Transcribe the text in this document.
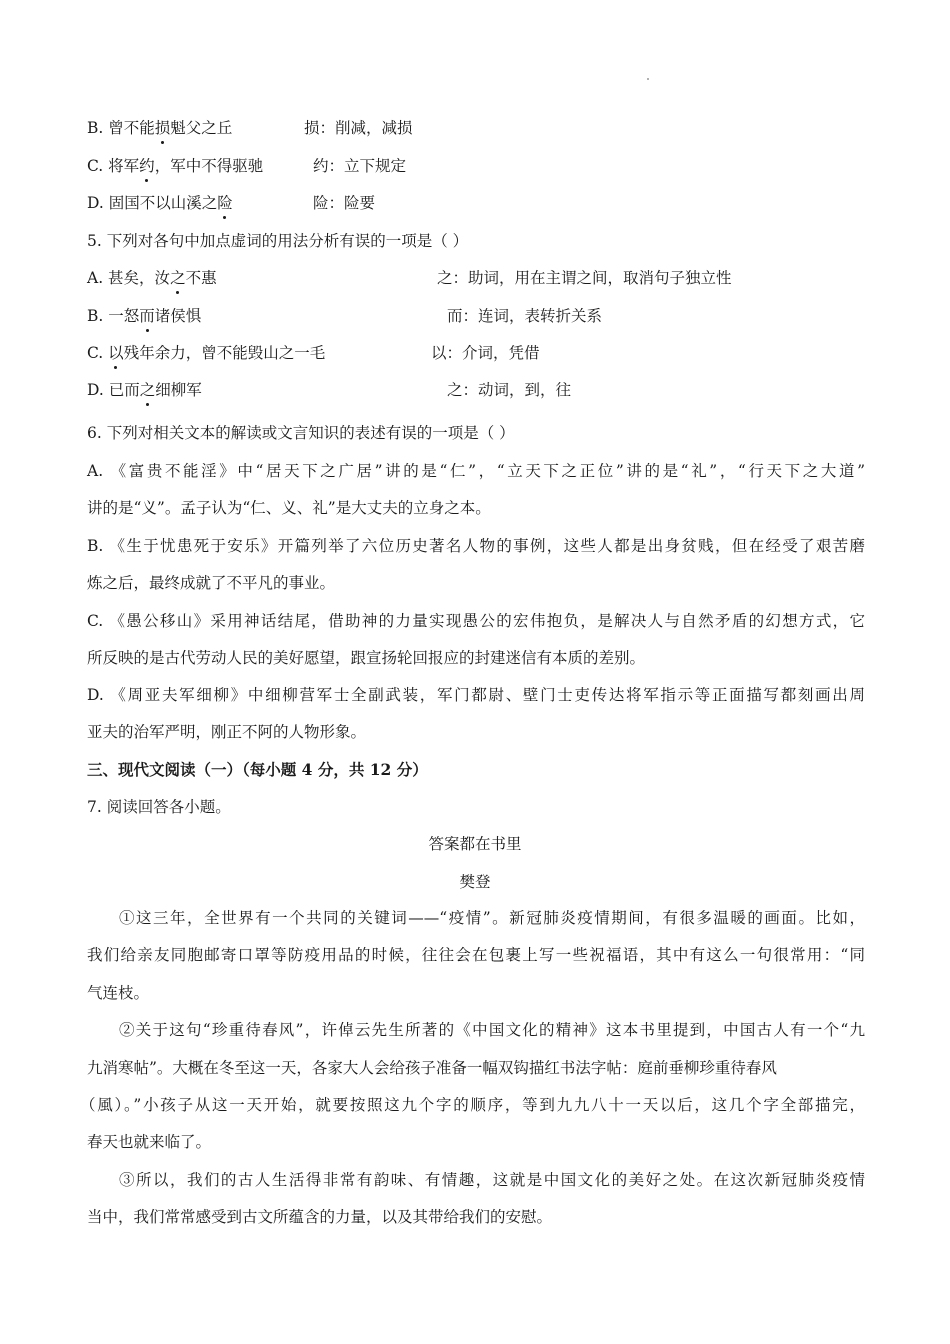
B. 曾不能损魁父之丘	损：削减，减损
C. 将军约，军中不得驱驰	约：立下规定
D. 固国不以山溪之险	险：险要
5. 下列对各句中加点虚词的用法分析有误的一项是（ ）
A. 甚矣，汝之不惠	之：助词，用在主谓之间，取消句子独立性
B. 一怒而诸侯惧	而：连词，表转折关系
C. 以残年余力，曾不能毁山之一毛	以：介词，凭借
D. 已而之细柳军	之：动词，到，往
6. 下列对相关文本的解读或文言知识的表述有误的一项是（ ）
A. 《富贵不能淫》中“居天下之广居”讲的是“仁”，“立天下之正位”讲的是“礼”，“行天下之大道”
讲的是“义”。孟子认为“仁、义、礼”是大丈夫的立身之本。
B. 《生于忧患死于安乐》开篇列举了六位历史著名人物的事例，这些人都是出身贫贱，但在经受了艰苦磨
炼之后，最终成就了不平凡的事业。
C. 《愚公移山》采用神话结尾，借助神的力量实现愚公的宏伟抱负，是解决人与自然矛盾的幻想方式，它
所反映的是古代劳动人民的美好愿望，跟宣扬轮回报应的封建迷信有本质的差别。
D. 《周亚夫军细柳》中细柳营军士全副武装，军门都尉、壁门士吏传达将军指示等正面描写都刻画出周
亚夫的治军严明，刚正不阿的人物形象。
三、现代文阅读（一）（每小题 4 分，共 12 分）
7. 阅读回答各小题。
答案都在书里
樊登
①这三年，全世界有一个共同的关键词——“疫情”。新冠肺炎疫情期间，有很多温暖的画面。比如，
我们给亲友同胞邮寄口罩等防疫用品的时候，往往会在包裹上写一些祝福语，其中有这么一句很常用：“同
气连枝。
②关于这句“珍重待春风”，许倬云先生所著的《中国文化的精神》这本书里提到，中国古人有一个“九
九消寒帖”。大概在冬至这一天，各家大人会给孩子准备一幅双钩描红书法字帖：庭前垂柳珍重待春风
（風）。”小孩子从这一天开始，就要按照这九个字的顺序，等到九九八十一天以后，这几个字全部描完，
春天也就来临了。
③所以，我们的古人生活得非常有韵味、有情趣，这就是中国文化的美好之处。在这次新冠肺炎疫情
当中，我们常常感受到古文所蕴含的力量，以及其带给我们的安慰。
